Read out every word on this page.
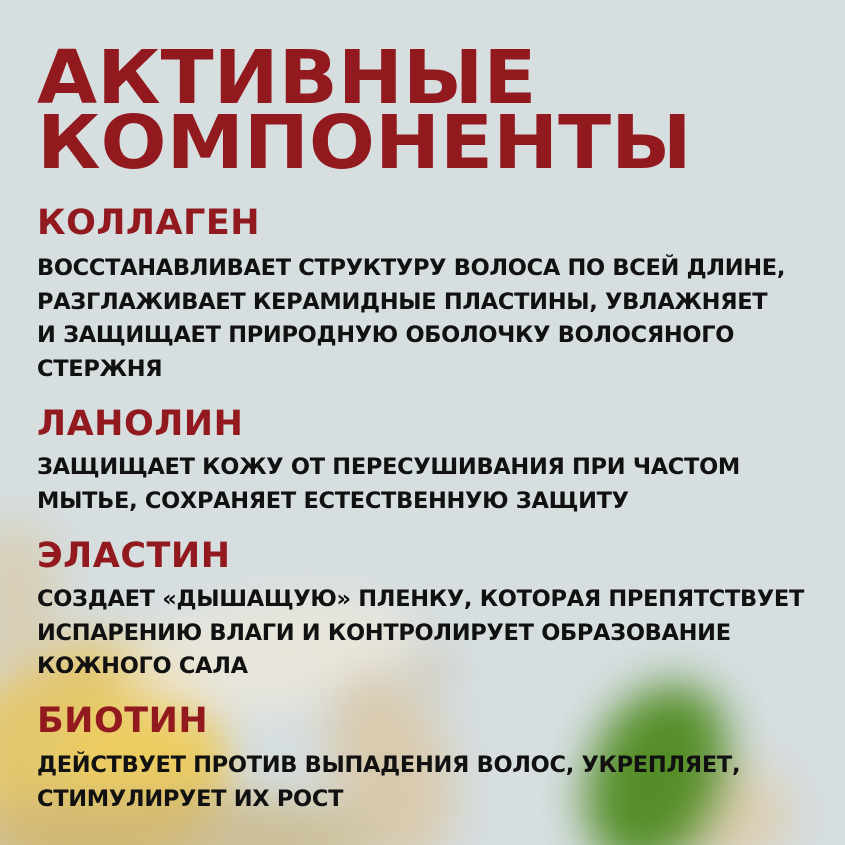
АКТИВНЫЕ
КОМПОНЕНТЫ
КОЛЛАГЕН
ВОССТАНАВЛИВАЕТ СТРУКТУРУ ВОЛОСА ПО ВСЕЙ ДЛИНЕ,
РАЗГЛАЖИВАЕТ КЕРАМИДНЫЕ ПЛАСТИНЫ, УВЛАЖНЯЕТ
И ЗАЩИЩАЕТ ПРИРОДНУЮ ОБОЛОЧКУ ВОЛОСЯНОГО
СТЕРЖНЯ
ЛАНОЛИН
ЗАЩИЩАЕТ КОЖУ ОТ ПЕРЕСУШИВАНИЯ ПРИ ЧАСТОМ
МЫТЬЕ, СОХРАНЯЕТ ЕСТЕСТВЕННУЮ ЗАЩИТУ
ЭЛАСТИН
СОЗДАЕТ «ДЫШАЩУЮ» ПЛЕНКУ, КОТОРАЯ ПРЕПЯТСТВУЕТ
ИСПАРЕНИЮ ВЛАГИ И КОНТРОЛИРУЕТ ОБРАЗОВАНИЕ
КОЖНОГО САЛА
БИОТИН
ДЕЙСТВУЕТ ПРОТИВ ВЫПАДЕНИЯ ВОЛОС, УКРЕПЛЯЕТ,
СТИМУЛИРУЕТ ИХ РОСТ
